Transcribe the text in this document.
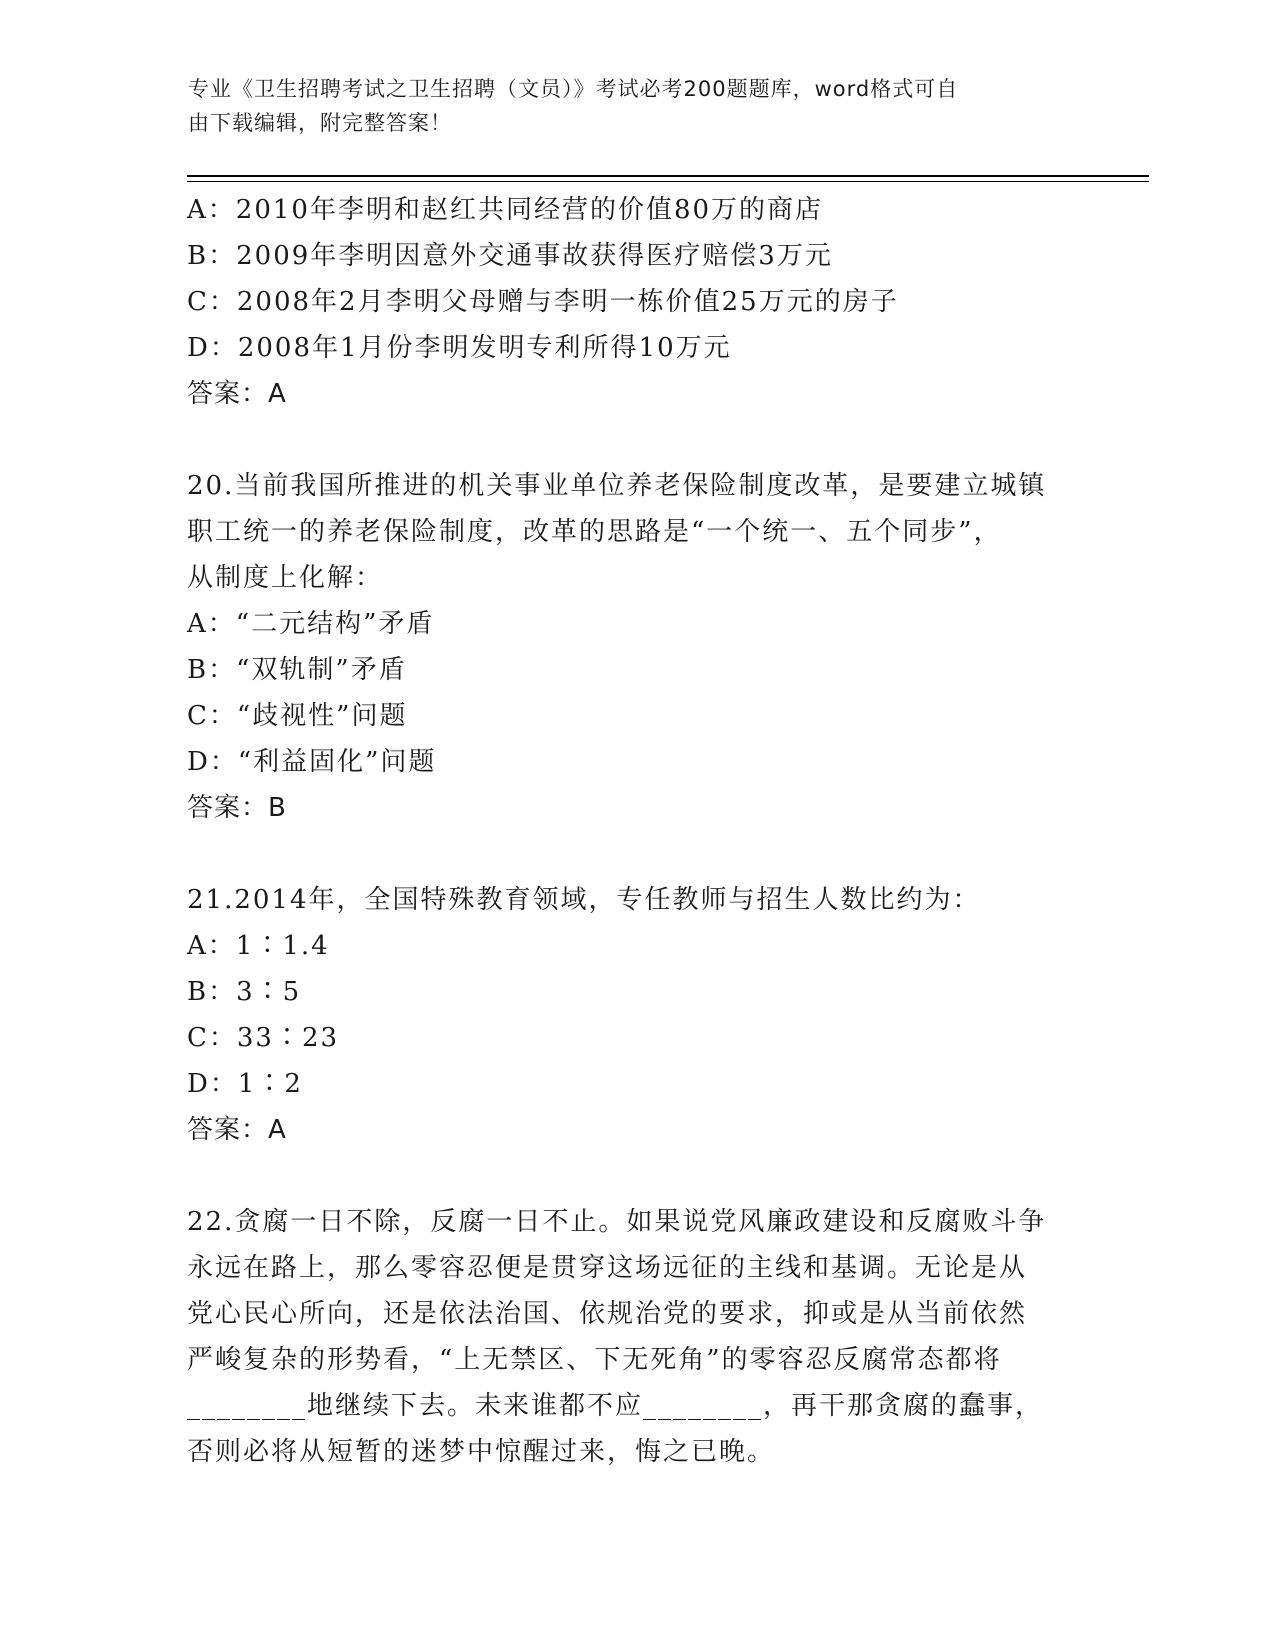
专业《卫生招聘考试之卫生招聘（文员）》考试必考200题题库，word格式可自
由下载编辑，附完整答案！
A：2010年李明和赵红共同经营的价值80万的商店
B：2009年李明因意外交通事故获得医疗赔偿3万元
C：2008年2月李明父母赠与李明一栋价值25万元的房子
D：2008年1月份李明发明专利所得10万元
答案：A
20.当前我国所推进的机关事业单位养老保险制度改革，是要建立城镇
职工统一的养老保险制度，改革的思路是“一个统一、五个同步”，
从制度上化解：
A：“二元结构”矛盾
B：“双轨制”矛盾
C：“歧视性”问题
D：“利益固化”问题
答案：B
21.2014年，全国特殊教育领域，专任教师与招生人数比约为：
A：1∶1.4
B：3∶5
C：33∶23
D：1∶2
答案：A
22.贪腐一日不除，反腐一日不止。如果说党风廉政建设和反腐败斗争
永远在路上，那么零容忍便是贯穿这场远征的主线和基调。无论是从
党心民心所向，还是依法治国、依规治党的要求，抑或是从当前依然
严峻复杂的形势看，“上无禁区、下无死角”的零容忍反腐常态都将
________地继续下去。未来谁都不应________，再干那贪腐的蠢事，
否则必将从短暂的迷梦中惊醒过来，悔之已晚。
